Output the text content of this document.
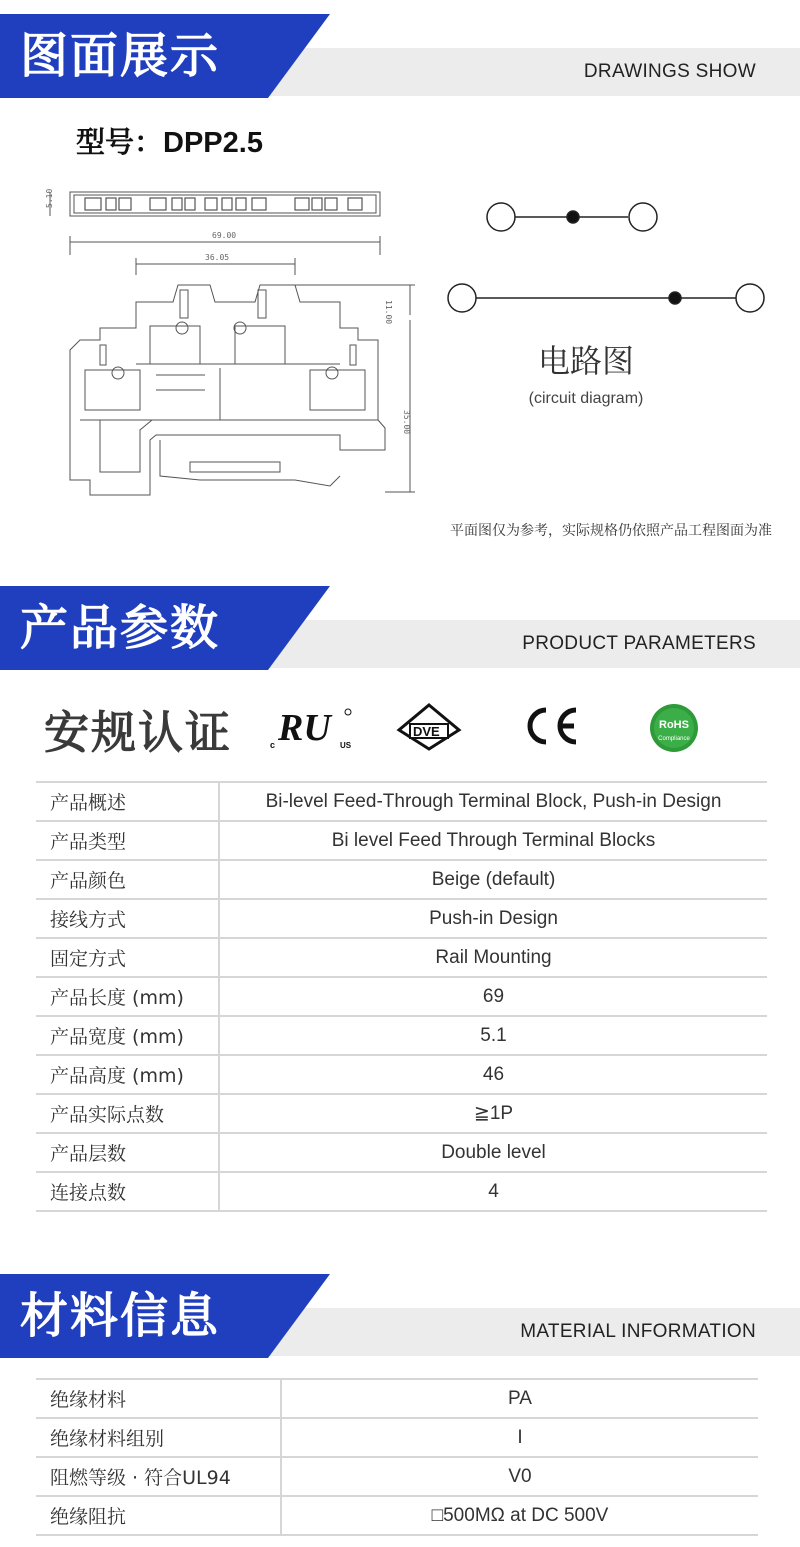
DRAWINGS SHOW
图面展示
型号：DPP2.5
69.00
36.05
11.00
35.00
5.10
电路图
(circuit diagram)
平面图仅为参考，实际规格仍依照产品工程图面为准
PRODUCT PARAMETERS
产品参数
安规认证	c RU	US
DVE	RoHS
Compliance
产品概述	Bi-level Feed-Through Terminal Block, Push-in Design
产品类型	Bi level Feed Through Terminal Blocks
产品颜色	Beige (default)
接线方式	Push-in Design
固定方式	Rail Mounting
产品长度 (mm)	69
产品宽度 (mm)	5.1
产品高度 (mm)	46
产品实际点数	≧1P
产品层数	Double level
连接点数	4
MATERIAL INFORMATION
材料信息
绝缘材料	PA
绝缘材料组别	I
阻燃等级 · 符合UL94	V0
绝缘阻抗	□500MΩ at DC 500V
